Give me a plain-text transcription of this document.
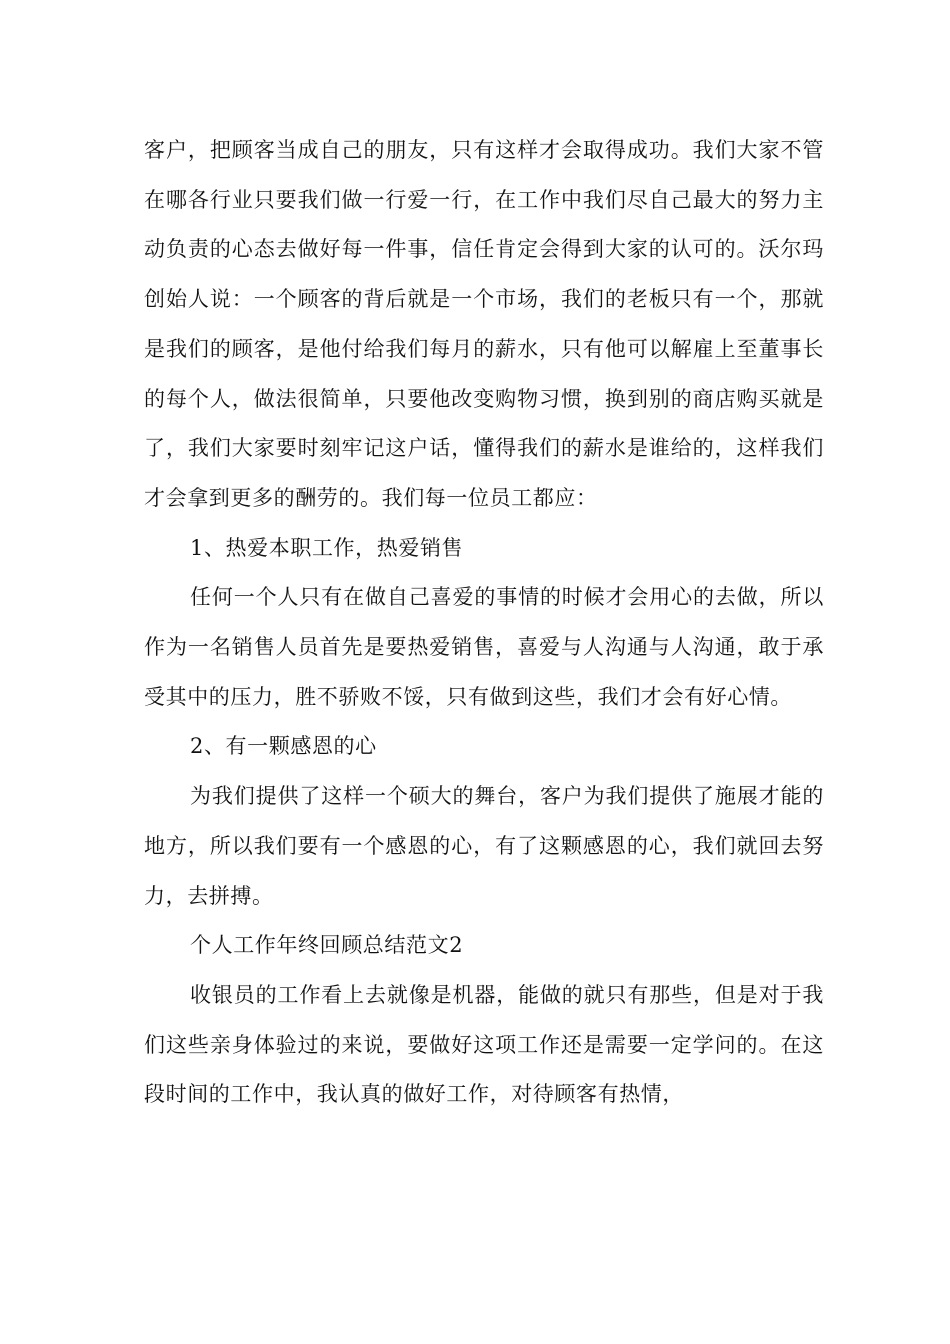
客户，把顾客当成自己的朋友，只有这样才会取得成功。我们大家不管在哪各行业只要我们做一行爱一行，在工作中我们尽自己最大的努力主动负责的心态去做好每一件事，信任肯定会得到大家的认可的。沃尔玛创始人说：一个顾客的背后就是一个市场，我们的老板只有一个，那就是我们的顾客，是他付给我们每月的薪水，只有他可以解雇上至董事长的每个人，做法很简单，只要他改变购物习惯，换到别的商店购买就是了，我们大家要时刻牢记这户话，懂得我们的薪水是谁给的，这样我们才会拿到更多的酬劳的。我们每一位员工都应：

1、热爱本职工作，热爱销售

任何一个人只有在做自己喜爱的事情的时候才会用心的去做，所以作为一名销售人员首先是要热爱销售，喜爱与人沟通与人沟通，敢于承受其中的压力，胜不骄败不馁，只有做到这些，我们才会有好心情。

2、有一颗感恩的心

为我们提供了这样一个硕大的舞台，客户为我们提供了施展才能的地方，所以我们要有一个感恩的心，有了这颗感恩的心，我们就回去努力，去拼搏。

个人工作年终回顾总结范文2

收银员的工作看上去就像是机器，能做的就只有那些，但是对于我们这些亲身体验过的来说，要做好这项工作还是需要一定学问的。在这段时间的工作中，我认真的做好工作，对待顾客有热情，
